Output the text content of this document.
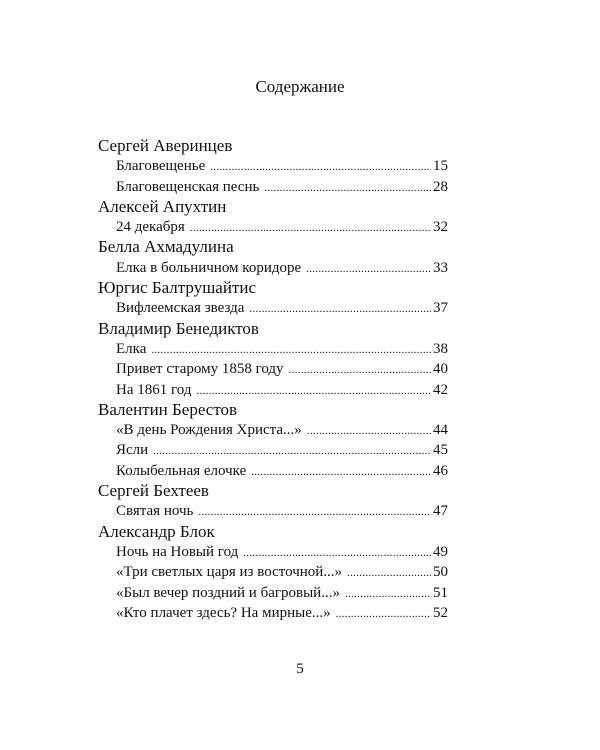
Содержание
Сергей Аверинцев
Благовещенье .....	15
Благовещенская песнь .....	28
Алексей Апухтин
24 декабря .....	32
Белла Ахмадулина
Елка в больничном коридоре .....	33
Юргис Балтрушайтис
Вифлеемская звезда .....	37
Владимир Бенедиктов
Елка .....	38
Привет старому 1858 году .....	40
На 1861 год .....	42
Валентин Берестов
«В день Рождения Христа...» .....	44
Ясли .....	45
Колыбельная елочке .....	46
Сергей Бехтеев
Святая ночь .....	47
Александр Блок
Ночь на Новый год .....	49
«Три светлых царя из восточной...» .....	50
«Был вечер поздний и багровый...» .....	51
«Кто плачет здесь? На мирные...» .....	52
5
